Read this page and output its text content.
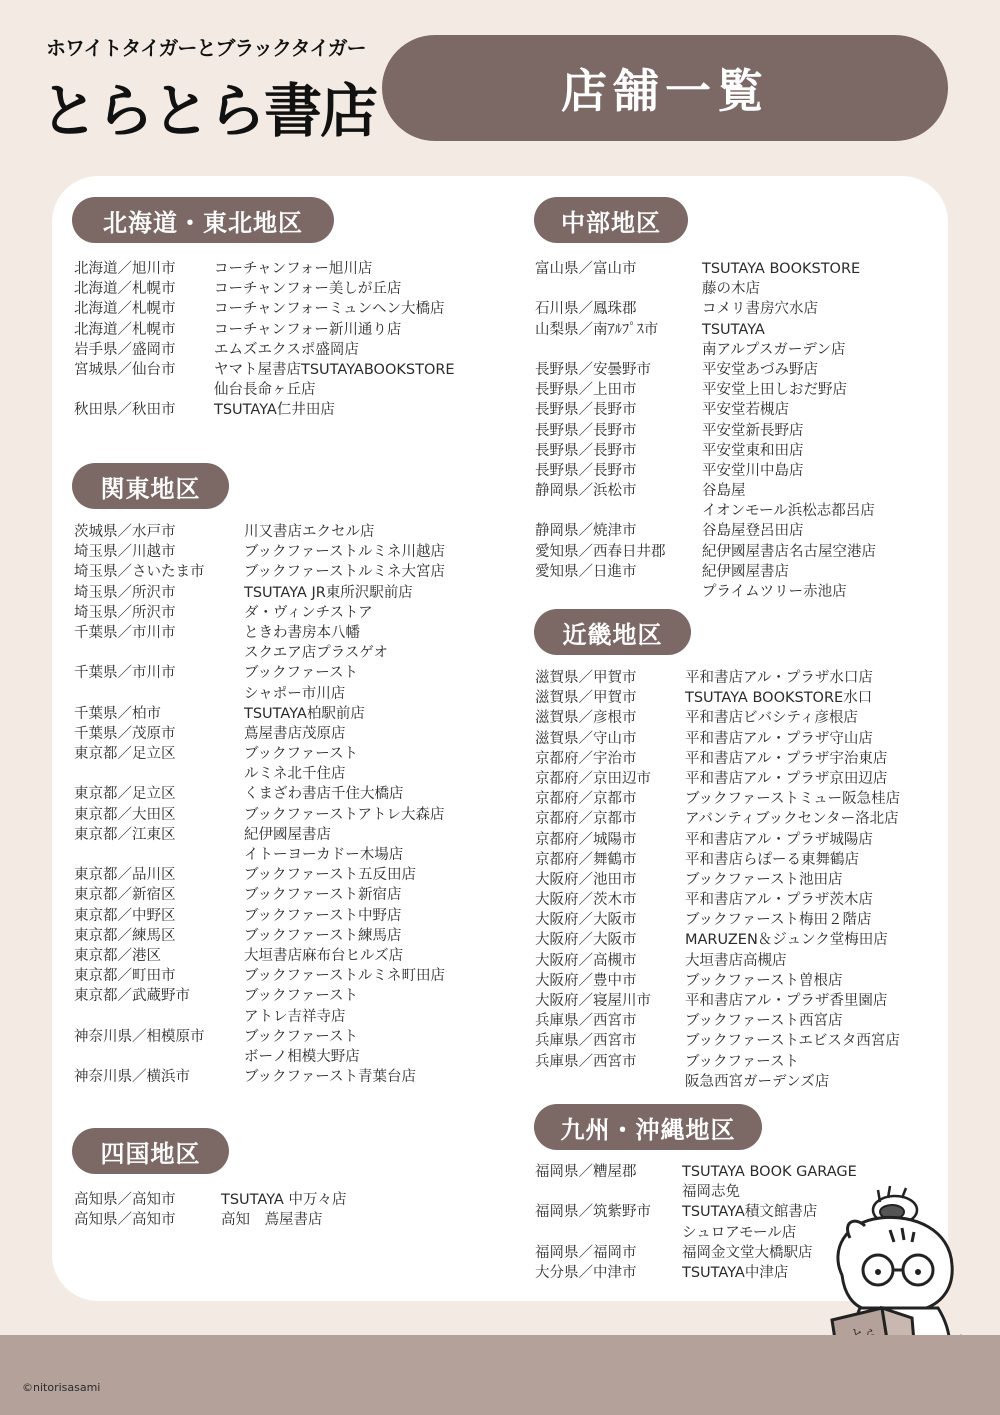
ホワイトタイガーとブラックタイガー
とらとら書店	店舗一覧
北海道・東北地区
関東地区
四国地区
中部地区
近畿地区
九州・沖縄地区
北海道／旭川市	コーチャンフォー旭川店
北海道／札幌市	コーチャンフォー美しが丘店
北海道／札幌市	コーチャンフォーミュンヘン大橋店
北海道／札幌市	コーチャンフォー新川通り店
岩手県／盛岡市	エムズエクスポ盛岡店
宮城県／仙台市	ヤマト屋書店TSUTAYABOOKSTORE
仙台長命ヶ丘店
秋田県／秋田市	TSUTAYA仁井田店
茨城県／水戸市	川又書店エクセル店
埼玉県／川越市	ブックファーストルミネ川越店
埼玉県／さいたま市	ブックファーストルミネ大宮店
埼玉県／所沢市	TSUTAYA JR東所沢駅前店
埼玉県／所沢市	ダ・ヴィンチストア
千葉県／市川市	ときわ書房本八幡
スクエア店プラスゲオ
千葉県／市川市	ブックファースト
シャポー市川店
千葉県／柏市	TSUTAYA柏駅前店
千葉県／茂原市	蔦屋書店茂原店
東京都／足立区	ブックファースト
ルミネ北千住店
東京都／足立区	くまざわ書店千住大橋店
東京都／大田区	ブックファーストアトレ大森店
東京都／江東区	紀伊國屋書店
イトーヨーカドー木場店
東京都／品川区	ブックファースト五反田店
東京都／新宿区	ブックファースト新宿店
東京都／中野区	ブックファースト中野店
東京都／練馬区	ブックファースト練馬店
東京都／港区	大垣書店麻布台ヒルズ店
東京都／町田市	ブックファーストルミネ町田店
東京都／武蔵野市	ブックファースト
アトレ吉祥寺店
神奈川県／相模原市	ブックファースト
ボーノ相模大野店
神奈川県／横浜市	ブックファースト青葉台店
高知県／高知市	TSUTAYA 中万々店
高知県／高知市	高知　蔦屋書店
富山県／富山市	TSUTAYA BOOKSTORE
藤の木店
石川県／鳳珠郡	コメリ書房穴水店
山梨県／南ｱﾙﾌﾟｽ市	TSUTAYA
南アルプスガーデン店
長野県／安曇野市	平安堂あづみ野店
長野県／上田市	平安堂上田しおだ野店
長野県／長野市	平安堂若槻店
長野県／長野市	平安堂新長野店
長野県／長野市	平安堂東和田店
長野県／長野市	平安堂川中島店
静岡県／浜松市	谷島屋
イオンモール浜松志都呂店
静岡県／焼津市	谷島屋登呂田店
愛知県／西春日井郡	紀伊國屋書店名古屋空港店
愛知県／日進市	紀伊國屋書店
プライムツリー赤池店
滋賀県／甲賀市	平和書店アル・プラザ水口店
滋賀県／甲賀市	TSUTAYA BOOKSTORE水口
滋賀県／彦根市	平和書店ビバシティ彦根店
滋賀県／守山市	平和書店アル・プラザ守山店
京都府／宇治市	平和書店アル・プラザ宇治東店
京都府／京田辺市	平和書店アル・プラザ京田辺店
京都府／京都市	ブックファーストミュー阪急桂店
京都府／京都市	アバンティブックセンター洛北店
京都府／城陽市	平和書店アル・プラザ城陽店
京都府／舞鶴市	平和書店らぽーる東舞鶴店
大阪府／池田市	ブックファースト池田店
大阪府／茨木市	平和書店アル・プラザ茨木店
大阪府／大阪市	ブックファースト梅田２階店
大阪府／大阪市	MARUZEN＆ジュンク堂梅田店
大阪府／高槻市	大垣書店高槻店
大阪府／豊中市	ブックファースト曽根店
大阪府／寝屋川市	平和書店アル・プラザ香里園店
兵庫県／西宮市	ブックファースト西宮店
兵庫県／西宮市	ブックファーストエビスタ西宮店
兵庫県／西宮市	ブックファースト
阪急西宮ガーデンズ店
福岡県／糟屋郡	TSUTAYA BOOK GARAGE
福岡志免
福岡県／筑紫野市	TSUTAYA積文館書店
シュロアモール店
福岡県／福岡市	福岡金文堂大橋駅店
大分県／中津市	TSUTAYA中津店
©nitorisasami
